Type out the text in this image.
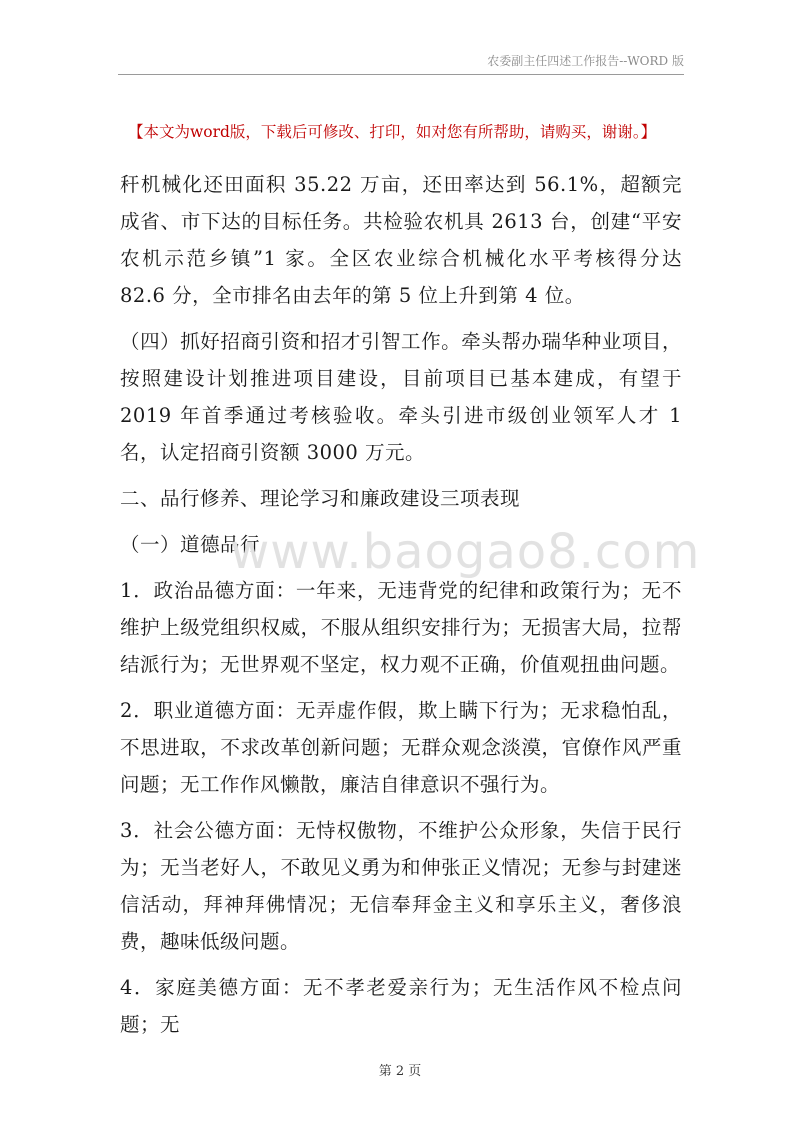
农委副主任四述工作报告--WORD 版
【本文为word版，下载后可修改、打印，如对您有所帮助，请购买，谢谢。】

秆机械化还田面积 35.22 万亩，还田率达到 56.1%，超额完成省、市下达的目标任务。共检验农机具 2613 台，创建“平安农机示范乡镇”1 家。全区农业综合机械化水平考核得分达 82.6 分，全市排名由去年的第 5 位上升到第 4 位。

（四）抓好招商引资和招才引智工作。牵头帮办瑞华种业项目，按照建设计划推进项目建设，目前项目已基本建成，有望于 2019 年首季通过考核验收。牵头引进市级创业领军人才 1 名，认定招商引资额 3000 万元。

二、品行修养、理论学习和廉政建设三项表现

（一）道德品行

1．政治品德方面：一年来，无违背党的纪律和政策行为；无不维护上级党组织权威，不服从组织安排行为；无损害大局，拉帮结派行为；无世界观不坚定，权力观不正确，价值观扭曲问题。

2．职业道德方面：无弄虚作假，欺上瞒下行为；无求稳怕乱，不思进取，不求改革创新问题；无群众观念淡漠，官僚作风严重问题；无工作作风懒散，廉洁自律意识不强行为。

3．社会公德方面：无恃权傲物，不维护公众形象，失信于民行为；无当老好人，不敢见义勇为和伸张正义情况；无参与封建迷信活动，拜神拜佛情况；无信奉拜金主义和享乐主义，奢侈浪费，趣味低级问题。

4．家庭美德方面：无不孝老爱亲行为；无生活作风不检点问题；无

www.baogao8.com
第 2 页
